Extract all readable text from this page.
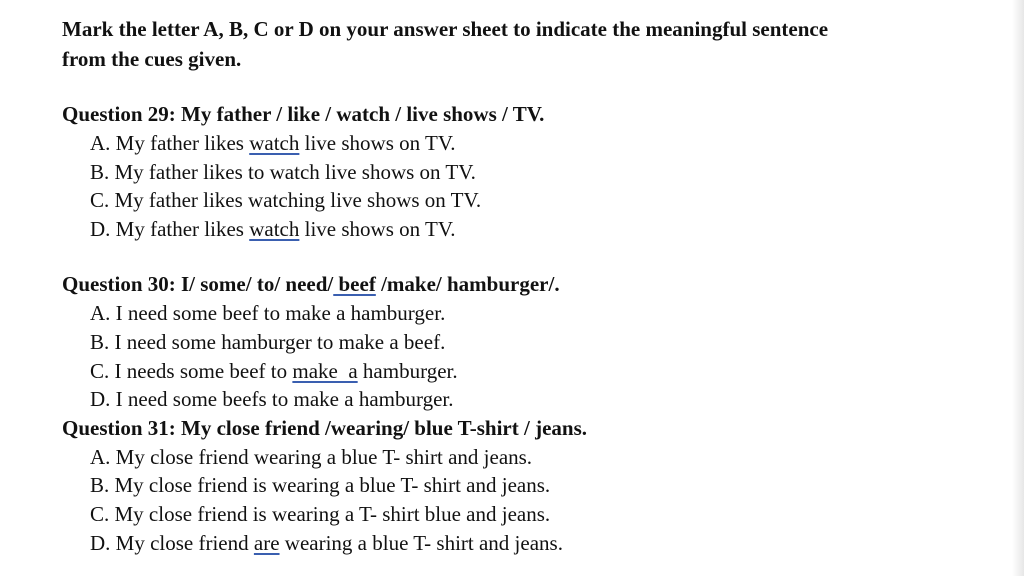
Mark the letter A, B, C or D on your answer sheet to indicate the meaningful sentence
from the cues given.
Question 29: My father / like / watch / live shows / TV.
A. My father likes watch live shows on TV.
B. My father likes to watch live shows on TV.
C. My father likes watching live shows on TV.
D. My father likes watch live shows on TV.
Question 30: I/ some/ to/ need/ beef /make/ hamburger/.
A. I need some beef to make a hamburger.
B. I need some hamburger to make a beef.
C. I needs some beef to make  a hamburger.
D. I need some beefs to make a hamburger.
Question 31: My close friend /wearing/ blue T-shirt / jeans.
A. My close friend wearing a blue T- shirt and jeans.
B. My close friend is wearing a blue T- shirt and jeans.
C. My close friend is wearing a T- shirt blue and jeans.
D. My close friend are wearing a blue T- shirt and jeans.
